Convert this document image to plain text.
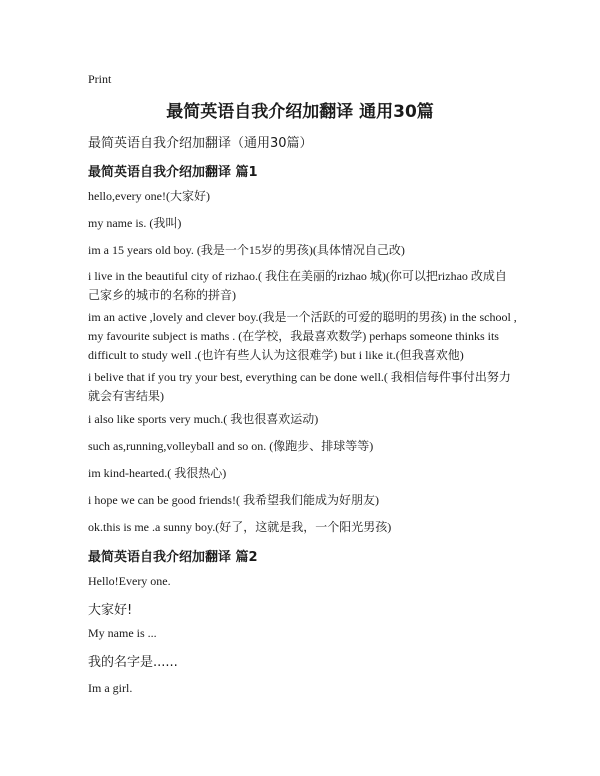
Print
最简英语自我介绍加翻译 通用30篇
最简英语自我介绍加翻译（通用30篇）
最简英语自我介绍加翻译 篇1
hello,every one!(大家好)
my name is. (我叫)
im a 15 years old boy. (我是一个15岁的男孩)(具体情况自己改)
i live in the beautiful city of rizhao.( 我住在美丽的rizhao 城)(你可以把rizhao 改成自己家乡的城市的名称的拼音)
im an active ,lovely and clever boy.(我是一个活跃的可爱的聪明的男孩) in the school , my favourite subject is maths . (在学校，我最喜欢数学) perhaps someone thinks its difficult to study well .(也许有些人认为这很难学) but i like it.(但我喜欢他)
i belive that if you try your best, everything can be done well.( 我相信每件事付出努力就会有害结果)
i also like sports very much.( 我也很喜欢运动)
such as,running,volleyball and so on. (像跑步、排球等等)
im kind-hearted.( 我很热心)
i hope we can be good friends!( 我希望我们能成为好朋友)
ok.this is me .a sunny boy.(好了，这就是我，一个阳光男孩)
最简英语自我介绍加翻译 篇2
Hello!Every one.
大家好!
My name is ...
我的名字是......
Im a girl.
